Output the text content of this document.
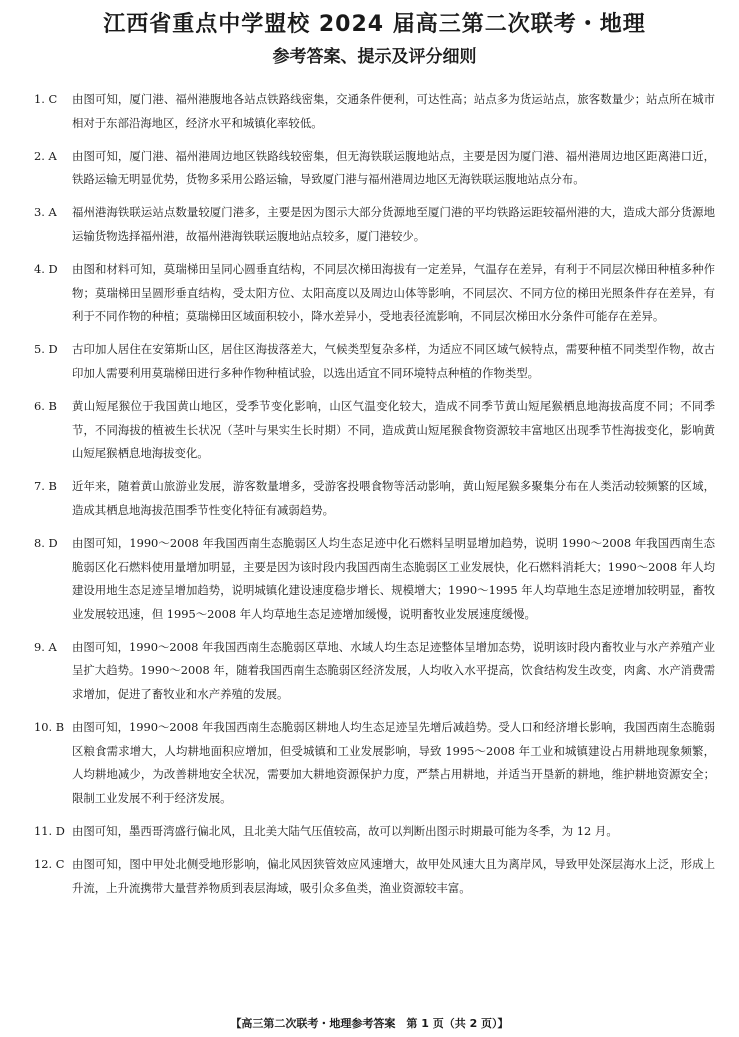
江西省重点中学盟校 2024 届高三第二次联考・地理
参考答案、提示及评分细则
1. C	由图可知，厦门港、福州港腹地各站点铁路线密集，交通条件便利，可达性高；站点多为货运站点，旅客数量少；站点所在城市相对于东部沿海地区，经济水平和城镇化率较低。
2. A	由图可知，厦门港、福州港周边地区铁路线较密集，但无海铁联运腹地站点，主要是因为厦门港、福州港周边地区距离港口近，铁路运输无明显优势，货物多采用公路运输，导致厦门港与福州港周边地区无海铁联运腹地站点分布。
3. A	福州港海铁联运站点数量较厦门港多，主要是因为图示大部分货源地至厦门港的平均铁路运距较福州港的大，造成大部分货源地运输货物选择福州港，故福州港海铁联运腹地站点较多，厦门港较少。
4. D	由图和材料可知，莫瑞梯田呈同心圆垂直结构，不同层次梯田海拔有一定差异，气温存在差异，有利于不同层次梯田种植多种作物；莫瑞梯田呈圆形垂直结构，受太阳方位、太阳高度以及周边山体等影响，不同层次、不同方位的梯田光照条件存在差异，有利于不同作物的种植；莫瑞梯田区域面积较小，降水差异小，受地表径流影响，不同层次梯田水分条件可能存在差异。
5. D	古印加人居住在安第斯山区，居住区海拔落差大，气候类型复杂多样，为适应不同区域气候特点，需要种植不同类型作物，故古印加人需要利用莫瑞梯田进行多种作物种植试验，以选出适宜不同环境特点种植的作物类型。
6. B	黄山短尾猴位于我国黄山地区，受季节变化影响，山区气温变化较大，造成不同季节黄山短尾猴栖息地海拔高度不同；不同季节，不同海拔的植被生长状况（茎叶与果实生长时期）不同，造成黄山短尾猴食物资源较丰富地区出现季节性海拔变化，影响黄山短尾猴栖息地海拔变化。
7. B	近年来，随着黄山旅游业发展，游客数量增多，受游客投喂食物等活动影响，黄山短尾猴多聚集分布在人类活动较频繁的区域，造成其栖息地海拔范围季节性变化特征有减弱趋势。
8. D	由图可知，1990～2008 年我国西南生态脆弱区人均生态足迹中化石燃料呈明显增加趋势，说明 1990～2008 年我国西南生态脆弱区化石燃料使用量增加明显，主要是因为该时段内我国西南生态脆弱区工业发展快，化石燃料消耗大；1990～2008 年人均建设用地生态足迹呈增加趋势，说明城镇化建设速度稳步增长、规模增大；1990～1995 年人均草地生态足迹增加较明显，畜牧业发展较迅速，但 1995～2008 年人均草地生态足迹增加缓慢，说明畜牧业发展速度缓慢。
9. A	由图可知，1990～2008 年我国西南生态脆弱区草地、水域人均生态足迹整体呈增加态势，说明该时段内畜牧业与水产养殖产业呈扩大趋势。1990～2008 年，随着我国西南生态脆弱区经济发展，人均收入水平提高，饮食结构发生改变，肉禽、水产消费需求增加，促进了畜牧业和水产养殖的发展。
10. B 由图可知，1990～2008 年我国西南生态脆弱区耕地人均生态足迹呈先增后减趋势。受人口和经济增长影响，我国西南生态脆弱区粮食需求增大，人均耕地面积应增加，但受城镇和工业发展影响，导致 1995～2008 年工业和城镇建设占用耕地现象频繁，人均耕地减少，为改善耕地安全状况，需要加大耕地资源保护力度，严禁占用耕地，并适当开垦新的耕地，维护耕地资源安全；限制工业发展不利于经济发展。
11. D 由图可知，墨西哥湾盛行偏北风，且北美大陆气压值较高，故可以判断出图示时期最可能为冬季，为 12 月。
12. C 由图可知，图中甲处北侧受地形影响，偏北风因狭管效应风速增大，故甲处风速大且为离岸风，导致甲处深层海水上泛，形成上升流，上升流携带大量营养物质到表层海域，吸引众多鱼类，渔业资源较丰富。
【高三第二次联考・地理参考答案　第 1 页（共 2 页）】
